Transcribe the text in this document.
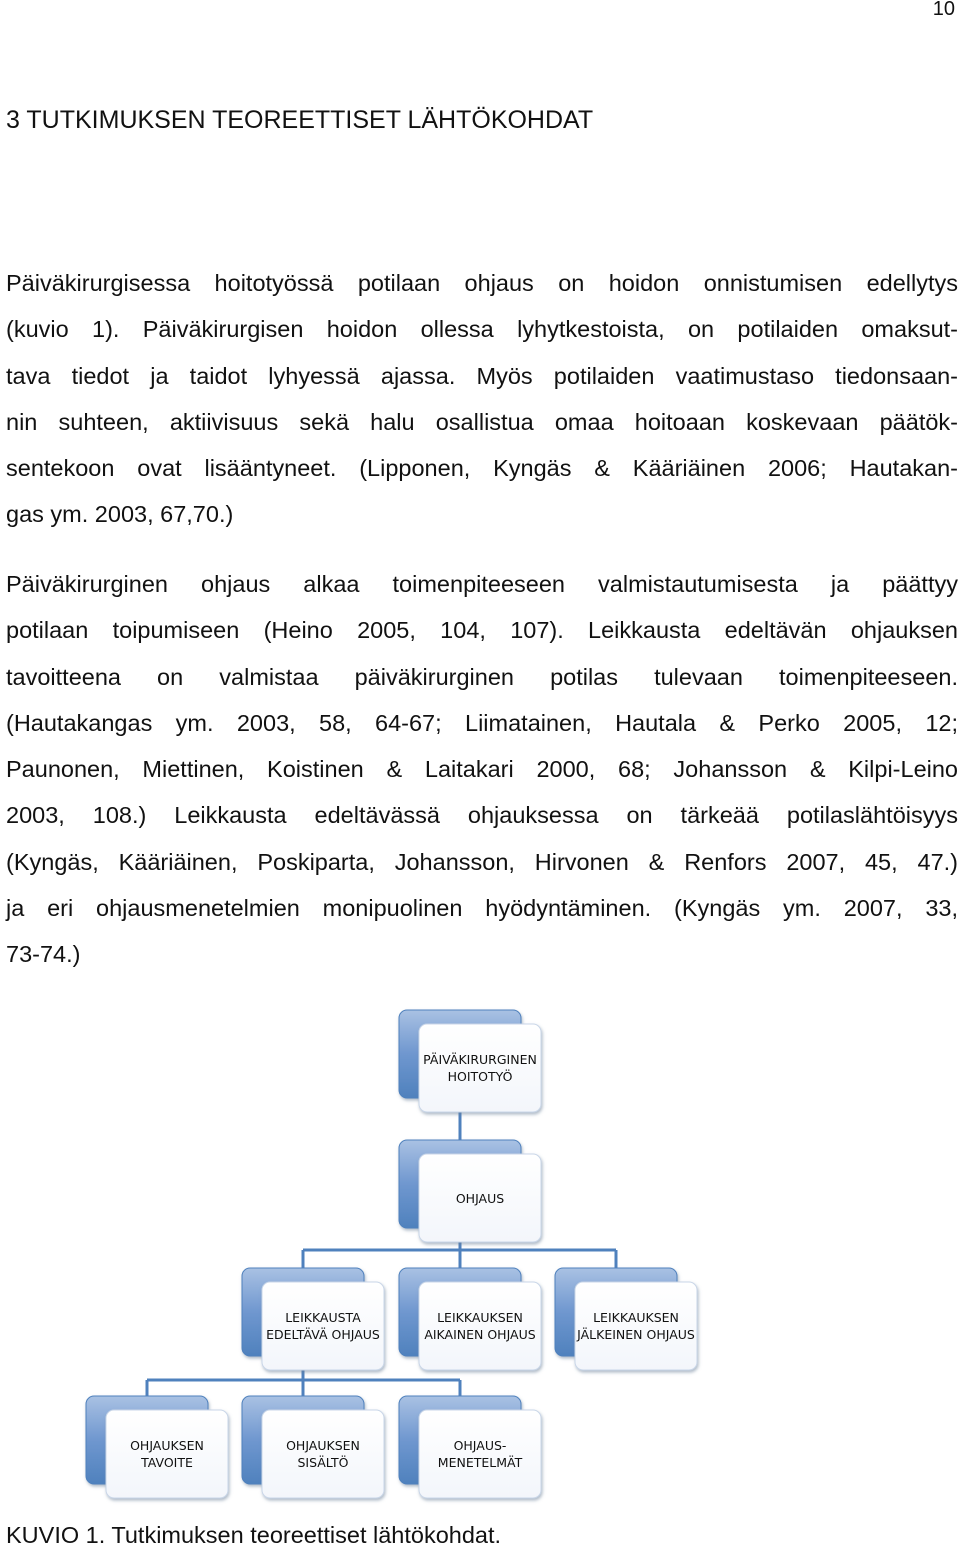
10
3 TUTKIMUKSEN TEOREETTISET LÄHTÖKOHDAT

Päiväkirurgisessa hoitotyössä potilaan ohjaus on hoidon onnistumisen edellytys
(kuvio 1). Päiväkirurgisen hoidon ollessa lyhytkestoista, on potilaiden omaksut-
tava tiedot ja taidot lyhyessä ajassa. Myös potilaiden vaatimustaso tiedonsaan-
nin suhteen, aktiivisuus sekä halu osallistua omaa hoitoaan koskevaan päätök-
sentekoon ovat lisääntyneet. (Lipponen, Kyngäs & Kääriäinen 2006; Hautakan-
gas ym. 2003, 67,70.)

Päiväkirurginen ohjaus alkaa toimenpiteeseen valmistautumisesta ja päättyy
potilaan toipumiseen (Heino 2005, 104, 107). Leikkausta edeltävän ohjauksen
tavoitteena on valmistaa päiväkirurginen potilas tulevaan toimenpiteeseen.
(Hautakangas ym. 2003, 58, 64-67; Liimatainen, Hautala & Perko 2005, 12;
Paunonen, Miettinen, Koistinen & Laitakari 2000, 68; Johansson & Kilpi-Leino
2003, 108.) Leikkausta edeltävässä ohjauksessa on tärkeää potilaslähtöisyys
(Kyngäs, Kääriäinen, Poskiparta, Johansson, Hirvonen & Renfors 2007, 45, 47.)
ja eri ohjausmenetelmien monipuolinen hyödyntäminen. (Kyngäs ym. 2007, 33,
73-74.)

PÄIVÄKIRURGINEN
HOITOTYÖ
OHJAUS
LEIKKAUSTA
EDELTÄVÄ OHJAUS
LEIKKAUKSEN
AIKAINEN OHJAUS
LEIKKAUKSEN
JÄLKEINEN OHJAUS
OHJAUKSEN
TAVOITE
OHJAUKSEN
SISÄLTÖ
OHJAUS-
MENETELMÄT

KUVIO 1. Tutkimuksen teoreettiset lähtökohdat.
